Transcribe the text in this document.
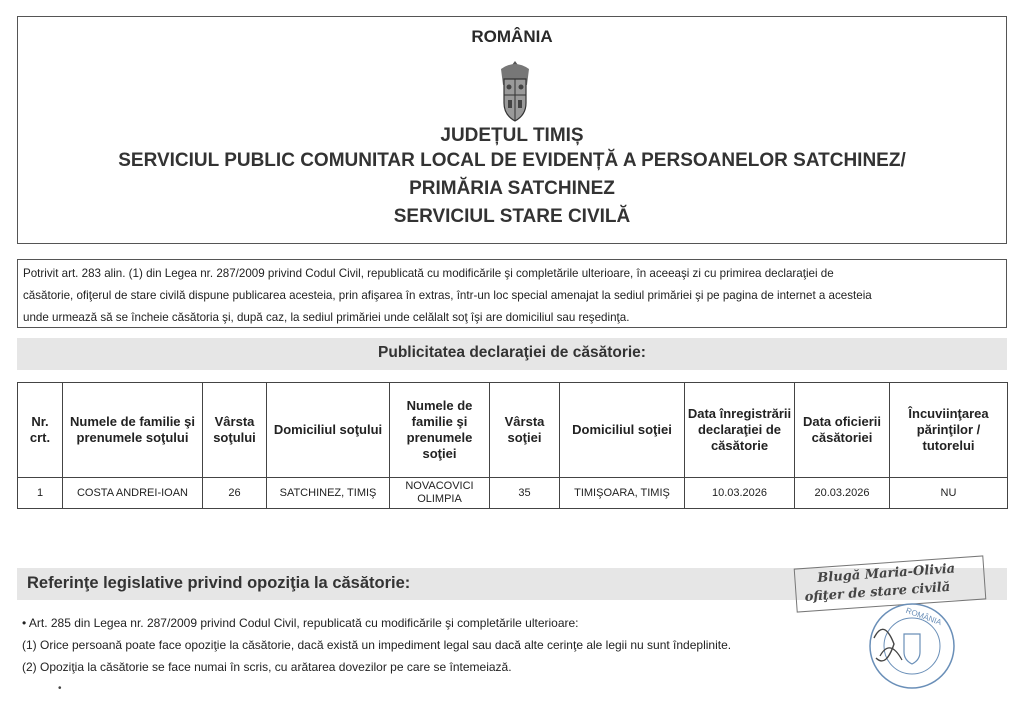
ROMÂNIA
JUDEȚUL TIMIȘ
SERVICIUL PUBLIC COMUNITAR LOCAL DE EVIDENȚĂ A PERSOANELOR SATCHINEZ/
PRIMĂRIA SATCHINEZ
SERVICIUL STARE CIVILĂ
Potrivit art. 283 alin. (1) din Legea nr. 287/2009 privind Codul Civil, republicată cu modificările şi completările ulterioare, în aceeaşi zi cu primirea declaraţiei de
căsătorie, ofiţerul de stare civilă dispune publicarea acesteia, prin afişarea în extras, într-un loc special amenajat la sediul primăriei şi pe pagina de internet a acesteia
unde urmează să se încheie căsătoria şi, după caz, la sediul primăriei unde celălalt soţ îşi are domiciliul sau reşedinţa.
Publicitatea declaraţiei de căsătorie:
Nr. crt.	Numele de familie şi prenumele soţului	Vârsta soţului	Domiciliul soţului	Numele de familie şi prenumele soţiei	Vârsta soţiei	Domiciliul soţiei	Data înregistrării declaraţiei de căsătorie	Data oficierii căsătoriei	Încuviinţarea părinţilor / tutorelui
1	COSTA ANDREI-IOAN	26	SATCHINEZ, TIMIŞ	NOVACOVICI OLIMPIA	35	TIMIŞOARA, TIMIŞ	10.03.2026	20.03.2026	NU
Referinţe legislative privind opoziţia la căsătorie:
• Art. 285 din Legea nr. 287/2009 privind Codul Civil, republicată cu modificările şi completările ulterioare:
(1) Orice persoană poate face opoziţie la căsătorie, dacă există un impediment legal sau dacă alte cerinţe ale legii nu sunt îndeplinite.
(2) Opoziţia la căsătorie se face numai în scris, cu arătarea dovezilor pe care se întemeiază.
Blugă Maria-Olivia
ofiţer de stare civilă
ROMÂNIA
•
